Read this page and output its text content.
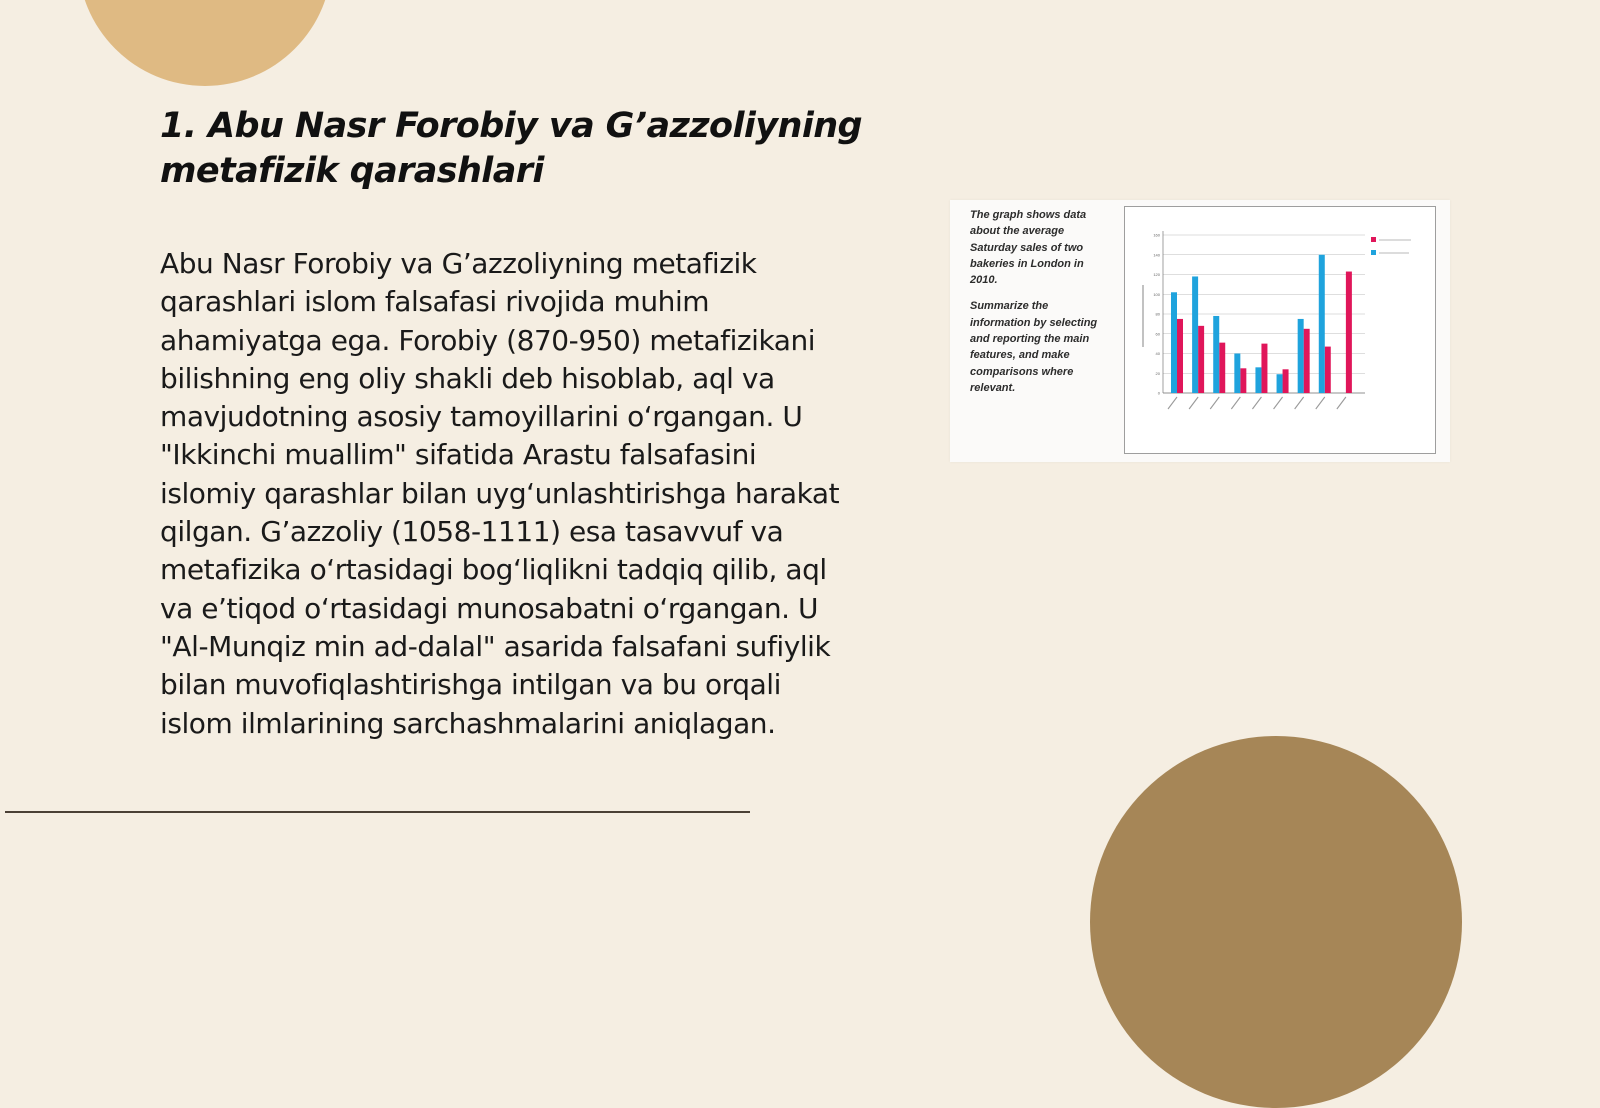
1. Abu Nasr Forobiy va G’azzoliyning metafizik qarashlari

Abu Nasr Forobiy va G’azzoliyning metafizik qarashlari islom falsafasi rivojida muhim ahamiyatga ega. Forobiy (870-950) metafizikani bilishning eng oliy shakli deb hisoblab, aql va mavjudotning asosiy tamoyillarini o‘rgangan. U "Ikkinchi muallim" sifatida Arastu falsafasini islomiy qarashlar bilan uyg‘unlashtirishga harakat qilgan. G’azzoliy (1058-1111) esa tasavvuf va metafizika o‘rtasidagi bog‘liqlikni tadqiq qilib, aql va e’tiqod o‘rtasidagi munosabatni o‘rgangan. U "Al-Munqiz min ad-dalal" asarida falsafani sufiylik bilan muvofiqlashtirishga intilgan va bu orqali islom ilmlarining sarchashmalarini aniqlagan.

The graph shows data about the average Saturday sales of two bakeries in London in 2010.

Summarize the information by selecting and reporting the main features, and make comparisons where relevant.	0
20
40
60
80
100
120
140
160
